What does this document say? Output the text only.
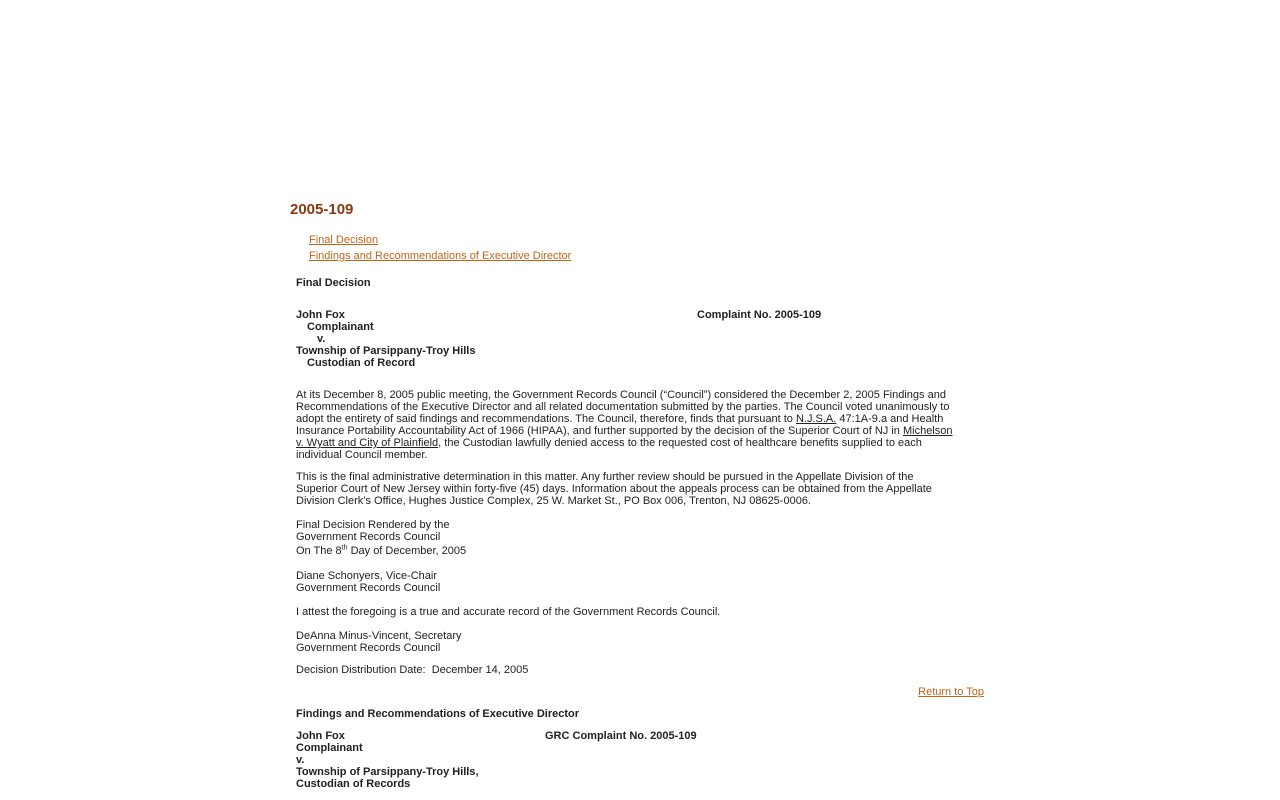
2005-109
Final Decision
Findings and Recommendations of Executive Director
Final Decision
John Fox
Complainant
v.
Township of Parsippany-Troy Hills
Custodian of Record
Complaint No. 2005-109
At its December 8, 2005 public meeting, the Government Records Council (“Council”) considered the December 2, 2005 Findings and
Recommendations of the Executive Director and all related documentation submitted by the parties. The Council voted unanimously to
adopt the entirety of said findings and recommendations. The Council, therefore, finds that pursuant to N.J.S.A. 47:1A-9.a and Health
Insurance Portability Accountability Act of 1966 (HIPAA), and further supported by the decision of the Superior Court of NJ in Michelson
v. Wyatt and City of Plainfield, the Custodian lawfully denied access to the requested cost of healthcare benefits supplied to each
individual Council member.
This is the final administrative determination in this matter. Any further review should be pursued in the Appellate Division of the
Superior Court of New Jersey within forty-five (45) days. Information about the appeals process can be obtained from the Appellate
Division Clerk’s Office, Hughes Justice Complex, 25 W. Market St., PO Box 006, Trenton, NJ 08625-0006.
Final Decision Rendered by the
Government Records Council
On The 8th Day of December, 2005
Diane Schonyers, Vice-Chair
Government Records Council
I attest the foregoing is a true and accurate record of the Government Records Council.
DeAnna Minus-Vincent, Secretary
Government Records Council
Decision Distribution Date:  December 14, 2005
Return to Top
Findings and Recommendations of Executive Director
John Fox
Complainant
v.
Township of Parsippany-Troy Hills,
Custodian of Records
GRC Complaint No. 2005-109
